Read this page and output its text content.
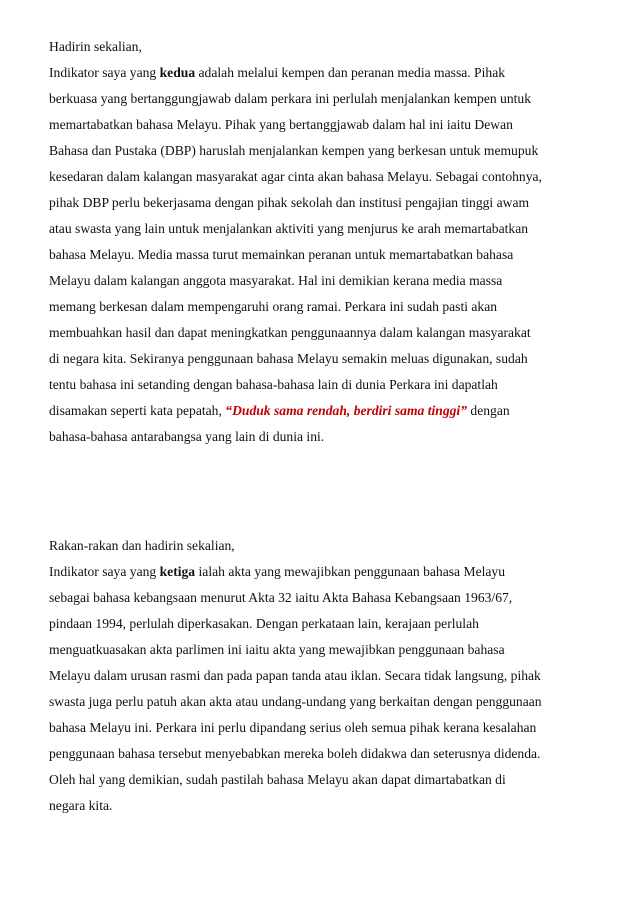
Hadirin sekalian,
Indikator saya yang kedua adalah melalui kempen dan peranan media massa. Pihak
berkuasa yang bertanggungjawab dalam perkara ini perlulah menjalankan kempen untuk
memartabatkan bahasa Melayu. Pihak yang bertanggjawab dalam hal ini iaitu Dewan
Bahasa dan Pustaka (DBP) haruslah menjalankan kempen yang berkesan untuk memupuk
kesedaran dalam kalangan masyarakat agar cinta akan bahasa Melayu. Sebagai contohnya,
pihak DBP perlu bekerjasama dengan pihak sekolah dan institusi pengajian tinggi awam
atau swasta yang lain untuk menjalankan aktiviti yang menjurus ke arah memartabatkan
bahasa Melayu. Media massa turut memainkan peranan untuk memartabatkan bahasa
Melayu dalam kalangan anggota masyarakat. Hal ini demikian kerana media massa
memang berkesan dalam mempengaruhi orang ramai. Perkara ini sudah pasti akan
membuahkan hasil dan dapat meningkatkan penggunaannya dalam kalangan masyarakat
di negara kita. Sekiranya penggunaan bahasa Melayu semakin meluas digunakan, sudah
tentu bahasa ini setanding dengan bahasa-bahasa lain di dunia Perkara ini dapatlah
disamakan seperti kata pepatah, “Duduk sama rendah, berdiri sama tinggi” dengan
bahasa-bahasa antarabangsa yang lain di dunia ini.
Rakan-rakan dan hadirin sekalian,
Indikator saya yang ketiga ialah akta yang mewajibkan penggunaan bahasa Melayu
sebagai bahasa kebangsaan menurut Akta 32 iaitu Akta Bahasa Kebangsaan 1963/67,
pindaan 1994, perlulah diperkasakan. Dengan perkataan lain, kerajaan perlulah
menguatkuasakan akta parlimen ini iaitu akta yang mewajibkan penggunaan bahasa
Melayu dalam urusan rasmi dan pada papan tanda atau iklan. Secara tidak langsung, pihak
swasta juga perlu patuh akan akta atau undang-undang yang berkaitan dengan penggunaan
bahasa Melayu ini. Perkara ini perlu dipandang serius oleh semua pihak kerana kesalahan
penggunaan bahasa tersebut menyebabkan mereka boleh didakwa dan seterusnya didenda.
Oleh hal yang demikian, sudah pastilah bahasa Melayu akan dapat dimartabatkan di
negara kita.
